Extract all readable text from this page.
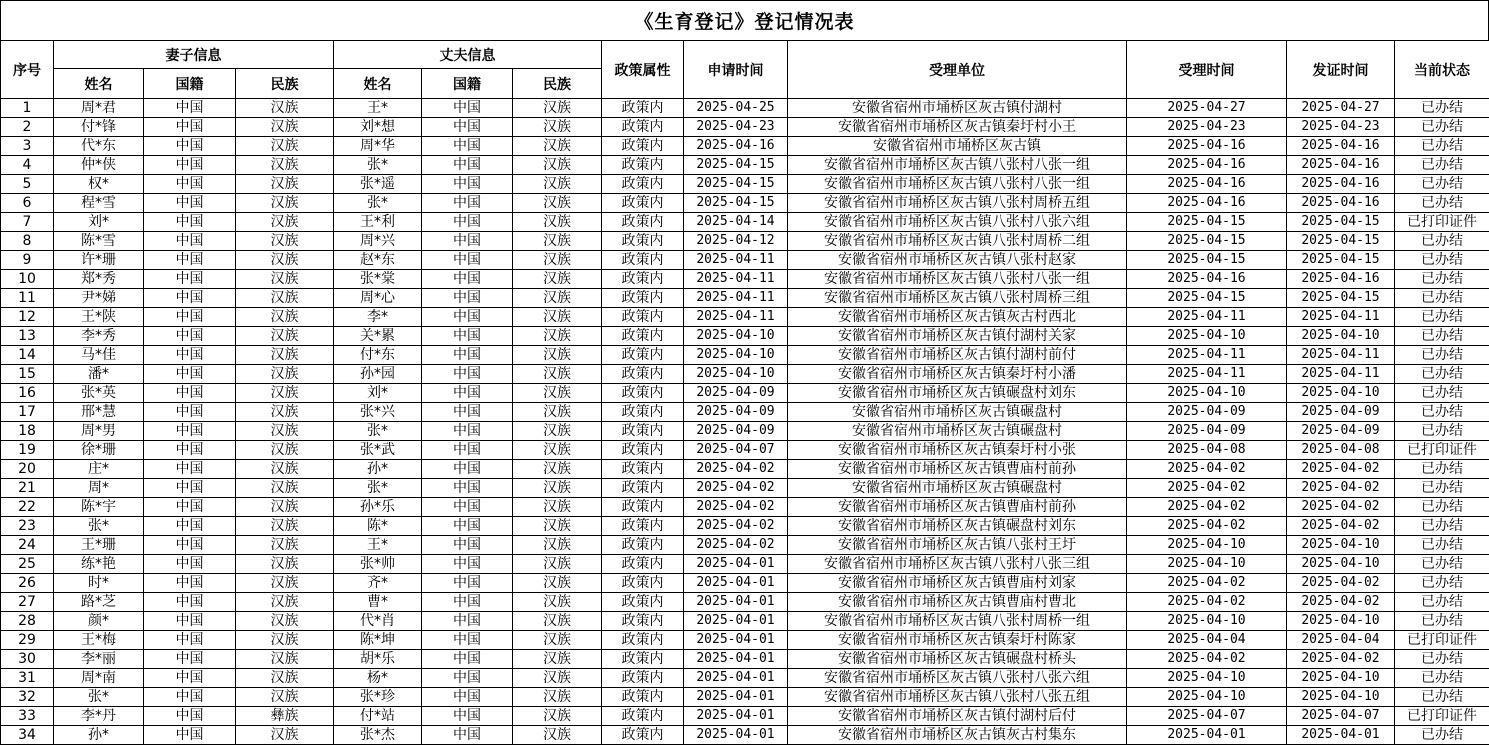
《生育登记》登记情况表
序号	妻子信息			丈夫信息			政策属性	申请时间	受理单位	受理时间	发证时间	当前状态
	姓名	国籍	民族	姓名	国籍	民族						
1	周*君	中国	汉族	王*	中国	汉族	政策内	2025-04-25	安徽省宿州市埇桥区灰古镇付湖村	2025-04-27	2025-04-27	已办结
2	付*锋	中国	汉族	刘*想	中国	汉族	政策内	2025-04-23	安徽省宿州市埇桥区灰古镇秦圩村小王	2025-04-23	2025-04-23	已办结
3	代*东	中国	汉族	周*华	中国	汉族	政策内	2025-04-16	安徽省宿州市埇桥区灰古镇	2025-04-16	2025-04-16	已办结
4	仲*侠	中国	汉族	张*	中国	汉族	政策内	2025-04-15	安徽省宿州市埇桥区灰古镇八张村八张一组	2025-04-16	2025-04-16	已办结
5	权*	中国	汉族	张*遥	中国	汉族	政策内	2025-04-15	安徽省宿州市埇桥区灰古镇八张村八张一组	2025-04-16	2025-04-16	已办结
6	程*雪	中国	汉族	张*	中国	汉族	政策内	2025-04-15	安徽省宿州市埇桥区灰古镇八张村周桥五组	2025-04-16	2025-04-16	已办结
7	刘*	中国	汉族	王*利	中国	汉族	政策内	2025-04-14	安徽省宿州市埇桥区灰古镇八张村八张六组	2025-04-15	2025-04-15	已打印证件
8	陈*雪	中国	汉族	周*兴	中国	汉族	政策内	2025-04-12	安徽省宿州市埇桥区灰古镇八张村周桥二组	2025-04-15	2025-04-15	已办结
9	许*珊	中国	汉族	赵*东	中国	汉族	政策内	2025-04-11	安徽省宿州市埇桥区灰古镇八张村赵家	2025-04-15	2025-04-15	已办结
10	郑*秀	中国	汉族	张*棠	中国	汉族	政策内	2025-04-11	安徽省宿州市埇桥区灰古镇八张村八张一组	2025-04-16	2025-04-16	已办结
11	尹*娣	中国	汉族	周*心	中国	汉族	政策内	2025-04-11	安徽省宿州市埇桥区灰古镇八张村周桥三组	2025-04-15	2025-04-15	已办结
12	王*陕	中国	汉族	李*	中国	汉族	政策内	2025-04-11	安徽省宿州市埇桥区灰古镇灰古村西北	2025-04-11	2025-04-11	已办结
13	李*秀	中国	汉族	关*累	中国	汉族	政策内	2025-04-10	安徽省宿州市埇桥区灰古镇付湖村关家	2025-04-10	2025-04-10	已办结
14	马*佳	中国	汉族	付*东	中国	汉族	政策内	2025-04-10	安徽省宿州市埇桥区灰古镇付湖村前付	2025-04-11	2025-04-11	已办结
15	潘*	中国	汉族	孙*园	中国	汉族	政策内	2025-04-10	安徽省宿州市埇桥区灰古镇秦圩村小潘	2025-04-11	2025-04-11	已办结
16	张*英	中国	汉族	刘*	中国	汉族	政策内	2025-04-09	安徽省宿州市埇桥区灰古镇碾盘村刘东	2025-04-10	2025-04-10	已办结
17	邢*慧	中国	汉族	张*兴	中国	汉族	政策内	2025-04-09	安徽省宿州市埇桥区灰古镇碾盘村	2025-04-09	2025-04-09	已办结
18	周*男	中国	汉族	张*	中国	汉族	政策内	2025-04-09	安徽省宿州市埇桥区灰古镇碾盘村	2025-04-09	2025-04-09	已办结
19	徐*珊	中国	汉族	张*武	中国	汉族	政策内	2025-04-07	安徽省宿州市埇桥区灰古镇秦圩村小张	2025-04-08	2025-04-08	已打印证件
20	庄*	中国	汉族	孙*	中国	汉族	政策内	2025-04-02	安徽省宿州市埇桥区灰古镇曹庙村前孙	2025-04-02	2025-04-02	已办结
21	周*	中国	汉族	张*	中国	汉族	政策内	2025-04-02	安徽省宿州市埇桥区灰古镇碾盘村	2025-04-02	2025-04-02	已办结
22	陈*宇	中国	汉族	孙*乐	中国	汉族	政策内	2025-04-02	安徽省宿州市埇桥区灰古镇曹庙村前孙	2025-04-02	2025-04-02	已办结
23	张*	中国	汉族	陈*	中国	汉族	政策内	2025-04-02	安徽省宿州市埇桥区灰古镇碾盘村刘东	2025-04-02	2025-04-02	已办结
24	王*珊	中国	汉族	王*	中国	汉族	政策内	2025-04-02	安徽省宿州市埇桥区灰古镇八张村王圩	2025-04-10	2025-04-10	已办结
25	练*艳	中国	汉族	张*帅	中国	汉族	政策内	2025-04-01	安徽省宿州市埇桥区灰古镇八张村八张三组	2025-04-10	2025-04-10	已办结
26	时*	中国	汉族	齐*	中国	汉族	政策内	2025-04-01	安徽省宿州市埇桥区灰古镇曹庙村刘家	2025-04-02	2025-04-02	已办结
27	路*芝	中国	汉族	曹*	中国	汉族	政策内	2025-04-01	安徽省宿州市埇桥区灰古镇曹庙村曹北	2025-04-02	2025-04-02	已办结
28	颜*	中国	汉族	代*肖	中国	汉族	政策内	2025-04-01	安徽省宿州市埇桥区灰古镇八张村周桥一组	2025-04-10	2025-04-10	已办结
29	王*梅	中国	汉族	陈*坤	中国	汉族	政策内	2025-04-01	安徽省宿州市埇桥区灰古镇秦圩村陈家	2025-04-04	2025-04-04	已打印证件
30	李*丽	中国	汉族	胡*乐	中国	汉族	政策内	2025-04-01	安徽省宿州市埇桥区灰古镇碾盘村桥头	2025-04-02	2025-04-02	已办结
31	周*南	中国	汉族	杨*	中国	汉族	政策内	2025-04-01	安徽省宿州市埇桥区灰古镇八张村八张六组	2025-04-10	2025-04-10	已办结
32	张*	中国	汉族	张*珍	中国	汉族	政策内	2025-04-01	安徽省宿州市埇桥区灰古镇八张村八张五组	2025-04-10	2025-04-10	已办结
33	李*丹	中国	彝族	付*站	中国	汉族	政策内	2025-04-01	安徽省宿州市埇桥区灰古镇付湖村后付	2025-04-07	2025-04-07	已打印证件
34	孙*	中国	汉族	张*杰	中国	汉族	政策内	2025-04-01	安徽省宿州市埇桥区灰古镇灰古村集东	2025-04-01	2025-04-01	已办结
